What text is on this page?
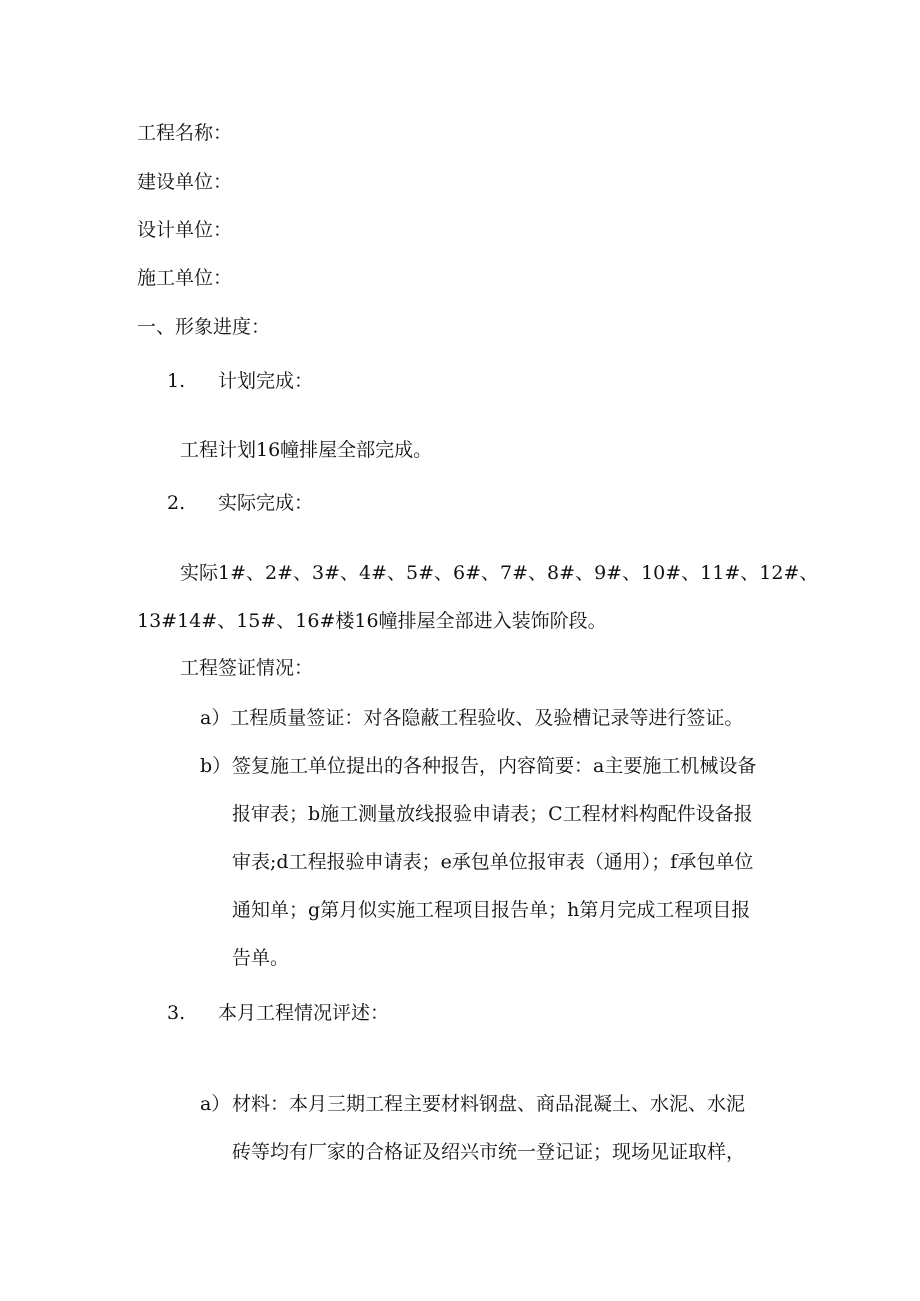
工程名称：
建设单位：
设计单位：
施工单位：
一、形象进度：
1. 计划完成：
工程计划16幢排屋全部完成。
2. 实际完成：
实际1#、2#、3#、4#、5#、6#、7#、8#、9#、10#、11#、12#、
13#14#、15#、16#楼16幢排屋全部进入装饰阶段。
工程签证情况：
a）工程质量签证：对各隐蔽工程验收、及验槽记录等进行签证。
b） 签复施工单位提出的各种报告，内容简要：a主要施工机械设备
报审表；b施工测量放线报验申请表；C工程材料构配件设备报
审表;d工程报验申请表；e承包单位报审表（通用）；f承包单位
通知单；g第月似实施工程项目报告单；h第月完成工程项目报
告单。
3. 本月工程情况评述：
a） 材料：本月三期工程主要材料钢盘、商品混凝土、水泥、水泥
砖等均有厂家的合格证及绍兴市统一登记证；现场见证取样，
